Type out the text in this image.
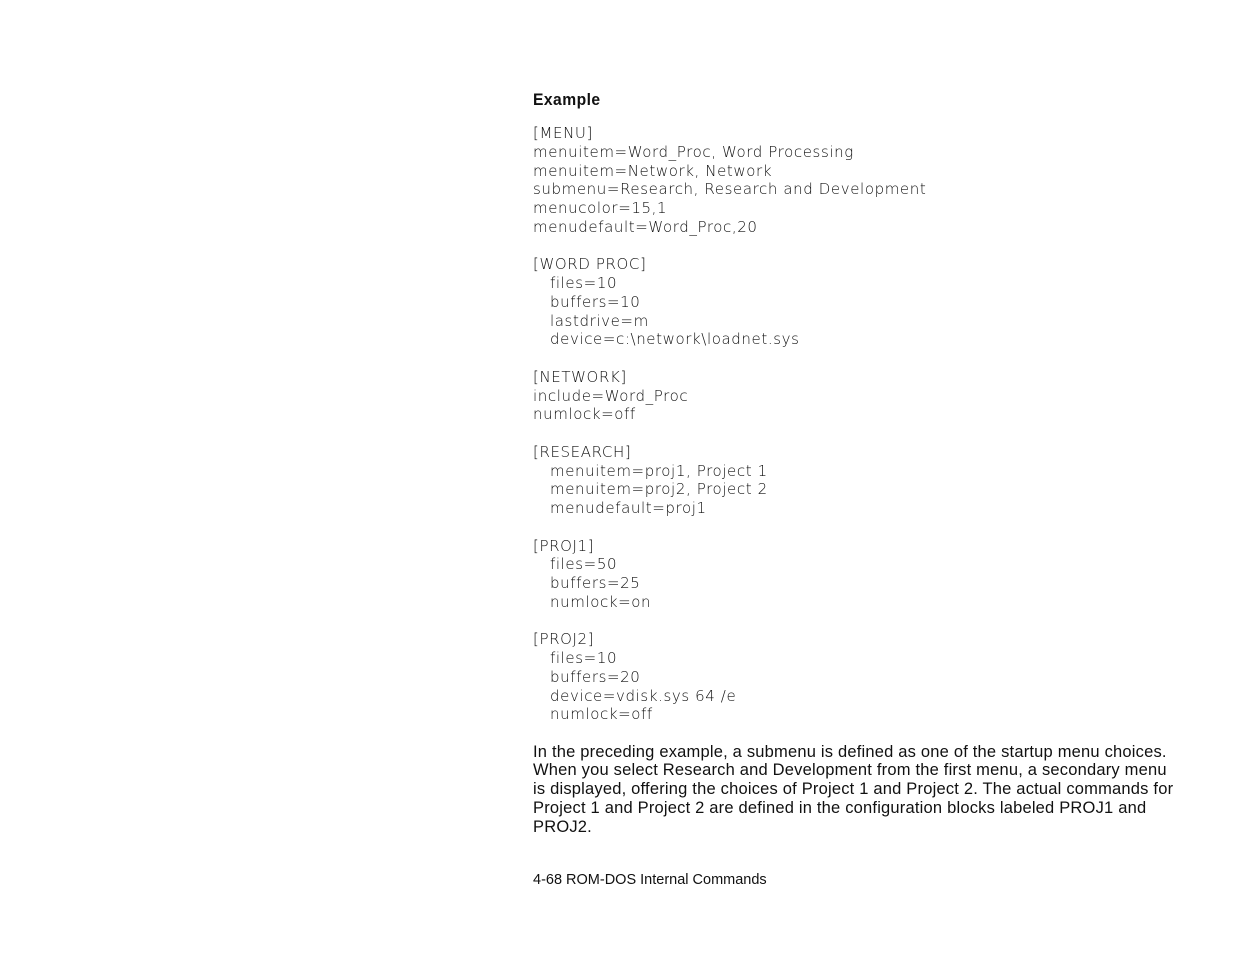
Example
[MENU]
menuitem=Word_Proc, Word Processing
menuitem=Network, Network
submenu=Research, Research and Development
menucolor=15,1
menudefault=Word_Proc,20
[WORD PROC]
files=10
buffers=10
lastdrive=m
device=c:\network\loadnet.sys
[NETWORK]
include=Word_Proc
numlock=off
[RESEARCH]
menuitem=proj1, Project 1
menuitem=proj2, Project 2
menudefault=proj1
[PROJ1]
files=50
buffers=25
numlock=on
[PROJ2]
files=10
buffers=20
device=vdisk.sys 64 /e
numlock=off

In the preceding example, a submenu is defined as one of the startup menu choices. When you select Research and Development from the first menu, a secondary menu is displayed, offering the choices of Project 1 and Project 2. The actual commands for Project 1 and Project 2 are defined in the configuration blocks labeled PROJ1 and PROJ2.

4-68 ROM-DOS Internal Commands
